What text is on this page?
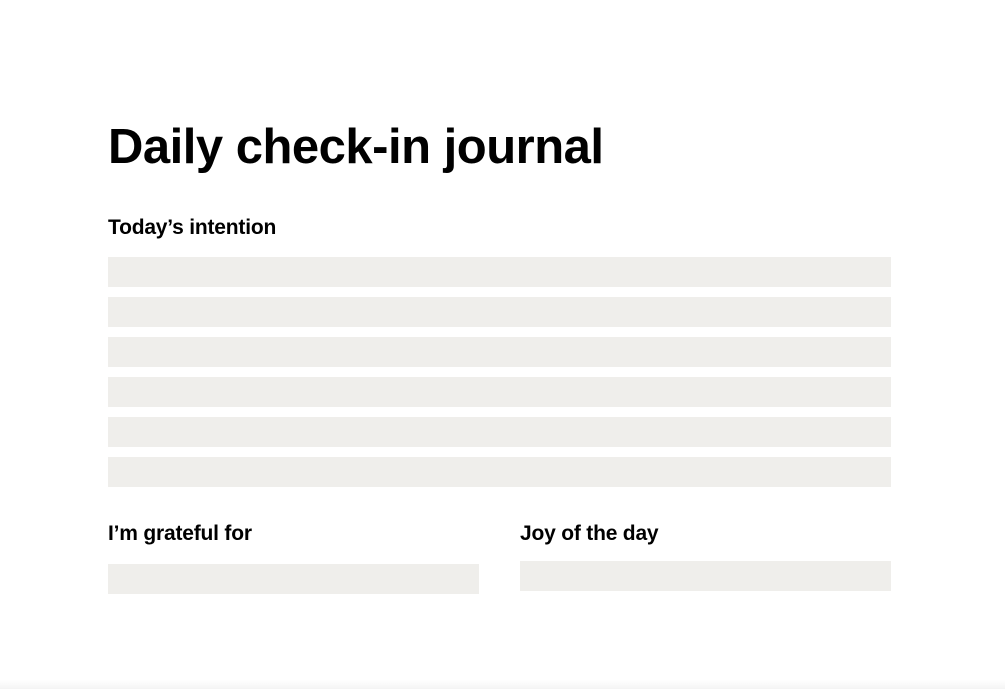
Daily check-in journal
Today’s intention
I’m grateful for	Joy of the day
